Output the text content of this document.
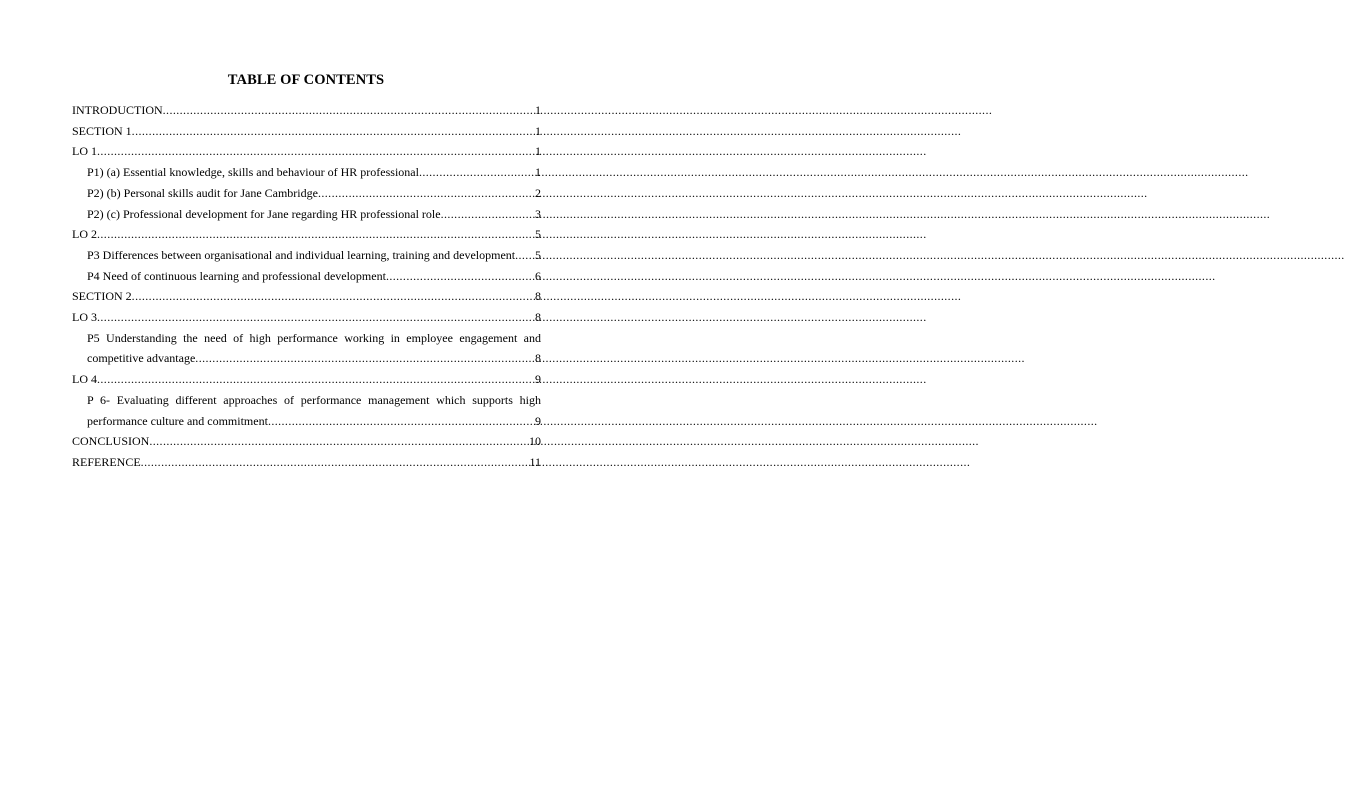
TABLE OF CONTENTS
INTRODUCTION .....	1
SECTION 1 .....	1
LO 1 .....	1
P1) (a) Essential knowledge, skills and behaviour of HR professional .....	1
P2) (b) Personal skills audit for Jane Cambridge .....	2
P2) (c) Professional development for Jane regarding HR professional role .....	3
LO 2 .....	5
P3 Differences between organisational and individual learning, training and development ..... 5
P4 Need of continuous learning and professional development .....	6
SECTION 2 .....	8
LO 3 .....	8
P5 Understanding the need of high performance working in employee engagement and
competitive advantage .....	8
LO 4 .....	9
P 6- Evaluating different approaches of performance management which supports high
performance culture and commitment .....	9
CONCLUSION .....	10
REFERENCE .....	11
